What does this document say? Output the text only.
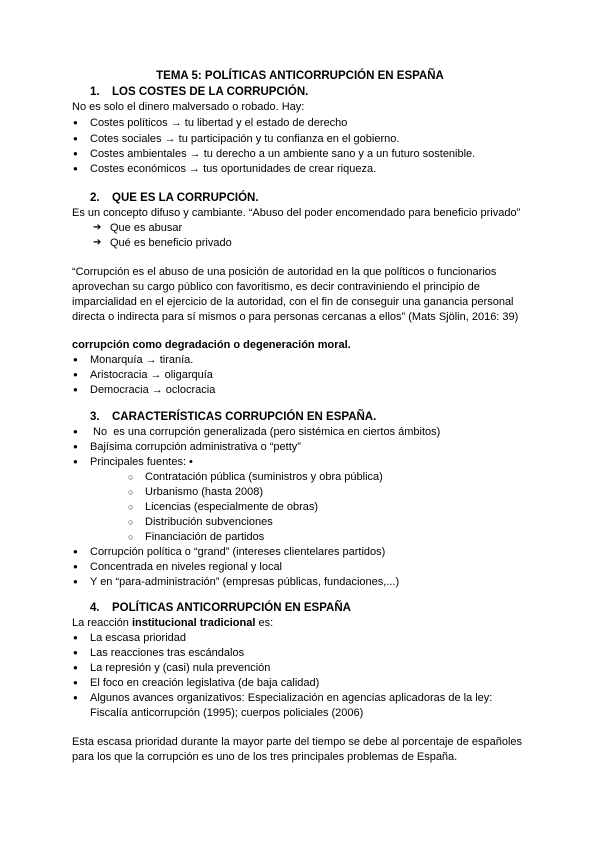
TEMA 5: POLÍTICAS ANTICORRUPCIÓN EN ESPAÑA
1. LOS COSTES DE LA CORRUPCIÓN.
No es solo el dinero malversado o robado. Hay:
● Costes políticos → tu libertad y el estado de derecho
● Cotes sociales → tu participación y tu confianza en el gobierno.
● Costes ambientales → tu derecho a un ambiente sano y a un futuro sostenible.
● Costes económicos → tus oportunidades de crear riqueza.
2. QUE ES LA CORRUPCIÓN.
Es un concepto difuso y cambiante. “Abuso del poder encomendado para beneficio privado”
➔ Que es abusar
➔ Qué es beneficio privado
“Corrupción es el abuso de una posición de autoridad en la que políticos o funcionarios
aprovechan su cargo público con favoritismo, es decir contraviniendo el principio de
imparcialidad en el ejercicio de la autoridad, con el fin de conseguir una ganancia personal
directa o indirecta para sí mismos o para personas cercanas a ellos” (Mats Sjölin, 2016: 39)
corrupción como degradación o degeneración moral.
● Monarquía → tiranía.
● Aristocracia → oligarquía
● Democracia → oclocracia
3. CARACTERÍSTICAS CORRUPCIÓN EN ESPAÑA.
●  No  es una corrupción generalizada (pero sistémica en ciertos ámbitos)
● Bajísima corrupción administrativa o “petty”
● Principales fuentes: •
○ Contratación pública (suministros y obra pública)
○ Urbanismo (hasta 2008)
○ Licencias (especialmente de obras)
○ Distribución subvenciones
○ Financiación de partidos
● Corrupción política o “grand” (intereses clientelares partidos)
● Concentrada en niveles regional y local
● Y en “para-administración” (empresas públicas, fundaciones,...)
4. POLÍTICAS ANTICORRUPCIÓN EN ESPAÑA
La reacción institucional tradicional es:
● La escasa prioridad
● Las reacciones tras escándalos
● La represión y (casi) nula prevención
● El foco en creación legislativa (de baja calidad)
● Algunos avances organizativos: Especialización en agencias aplicadoras de la ley:
Fiscalía anticorrupción (1995); cuerpos policiales (2006)
Esta escasa prioridad durante la mayor parte del tiempo se debe al porcentaje de españoles
para los que la corrupción es uno de los tres principales problemas de España.
